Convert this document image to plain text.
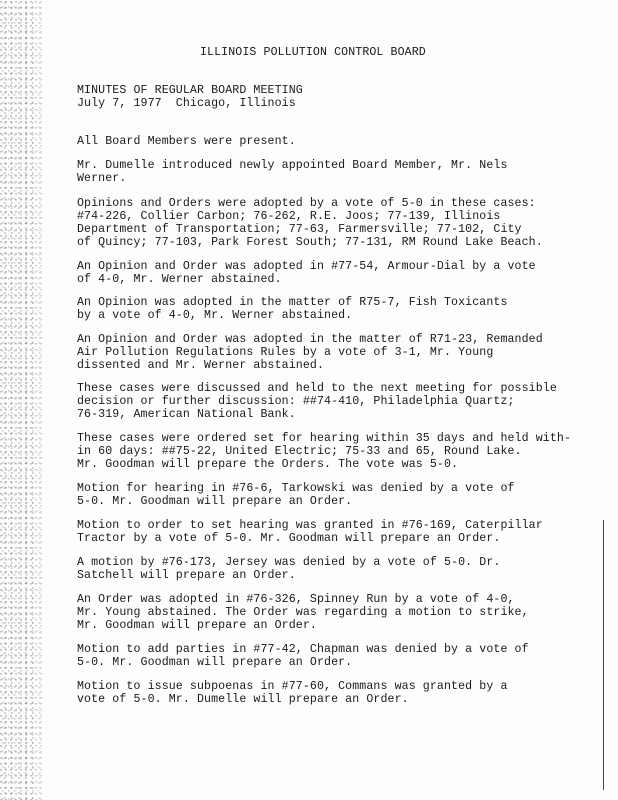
ILLINOIS POLLUTION CONTROL BOARD

MINUTES OF REGULAR BOARD MEETING

July 7, 1977  Chicago, Illinois

All Board Members were present.

Mr. Dumelle introduced newly appointed Board Member, Mr. Nels

Werner.

Opinions and Orders were adopted by a vote of 5-0 in these cases:

#74-226, Collier Carbon; 76-262, R.E. Joos; 77-139, Illinois

Department of Transportation; 77-63, Farmersville; 77-102, City

of Quincy; 77-103, Park Forest South; 77-131, RM Round Lake Beach.

An Opinion and Order was adopted in #77-54, Armour-Dial by a vote

of 4-0, Mr. Werner abstained.

An Opinion was adopted in the matter of R75-7, Fish Toxicants

by a vote of 4-0, Mr. Werner abstained.

An Opinion and Order was adopted in the matter of R71-23, Remanded

Air Pollution Regulations Rules by a vote of 3-1, Mr. Young

dissented and Mr. Werner abstained.

These cases were discussed and held to the next meeting for possible

decision or further discussion: ##74-410, Philadelphia Quartz;

76-319, American National Bank.

These cases were ordered set for hearing within 35 days and held with-

in 60 days: ##75-22, United Electric; 75-33 and 65, Round Lake.

Mr. Goodman will prepare the Orders. The vote was 5-0.

Motion for hearing in #76-6, Tarkowski was denied by a vote of

5-0. Mr. Goodman will prepare an Order.

Motion to order to set hearing was granted in #76-169, Caterpillar

Tractor by a vote of 5-0. Mr. Goodman will prepare an Order.

A motion by #76-173, Jersey was denied by a vote of 5-0. Dr.

Satchell will prepare an Order.

An Order was adopted in #76-326, Spinney Run by a vote of 4-0,

Mr. Young abstained. The Order was regarding a motion to strike,

Mr. Goodman will prepare an Order.

Motion to add parties in #77-42, Chapman was denied by a vote of

5-0. Mr. Goodman will prepare an Order.

Motion to issue subpoenas in #77-60, Commans was granted by a

vote of 5-0. Mr. Dumelle will prepare an Order.
